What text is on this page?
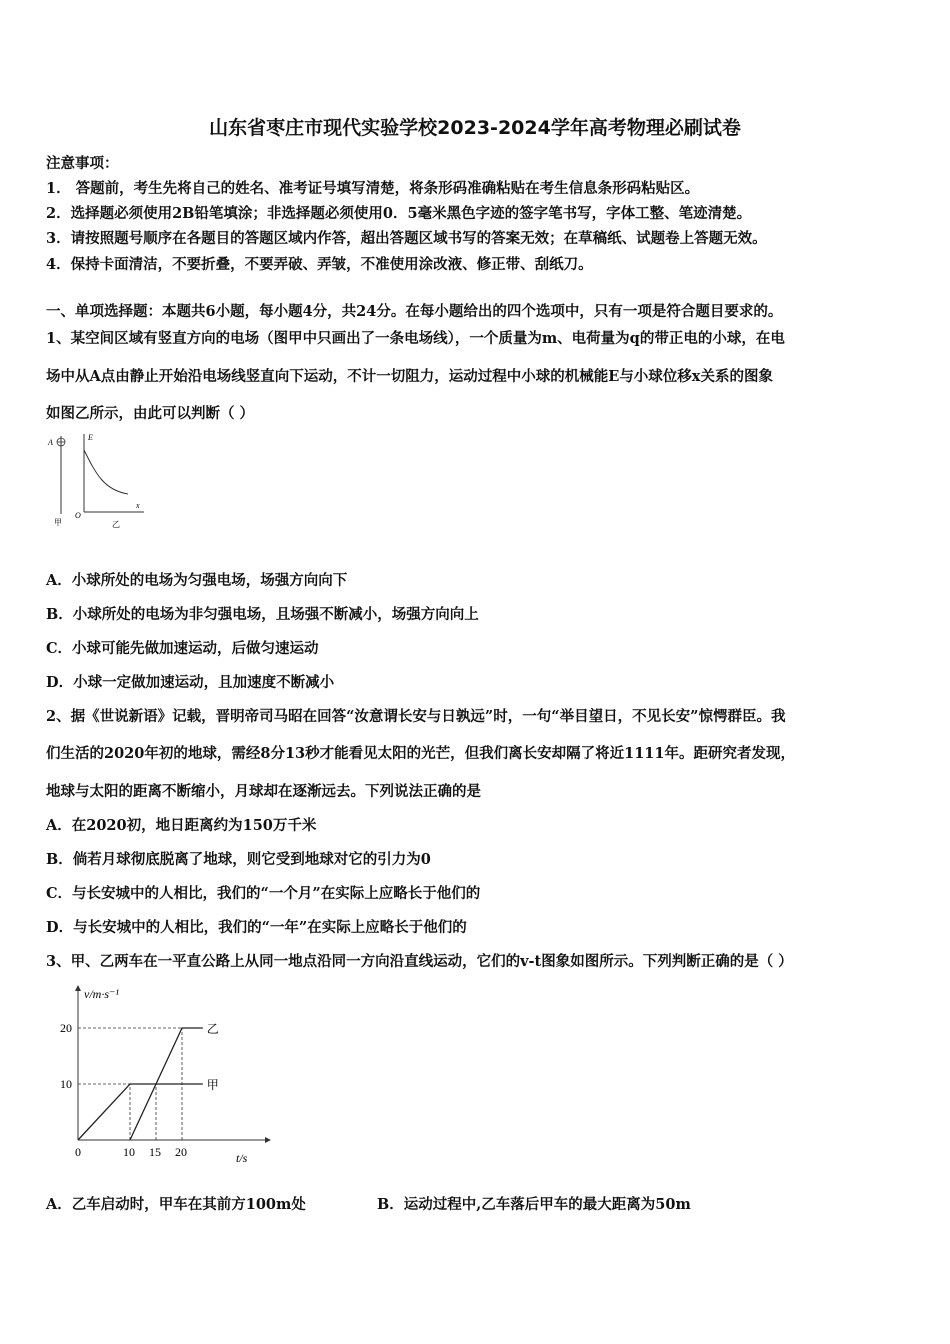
山东省枣庄市现代实验学校2023-2024学年高考物理必刷试卷
注意事项：
1． 答题前，考生先将自己的姓名、准考证号填写清楚，将条形码准确粘贴在考生信息条形码粘贴区。
2．选择题必须使用2B铅笔填涂；非选择题必须使用0．5毫米黑色字迹的签字笔书写，字体工整、笔迹清楚。
3．请按照题号顺序在各题目的答题区域内作答，超出答题区域书写的答案无效；在草稿纸、试题卷上答题无效。
4．保持卡面清洁，不要折叠，不要弄破、弄皱，不准使用涂改液、修正带、刮纸刀。
一、单项选择题：本题共6小题，每小题4分，共24分。在每小题给出的四个选项中，只有一项是符合题目要求的。
1、某空间区域有竖直方向的电场（图甲中只画出了一条电场线），一个质量为m、电荷量为q的带正电的小球，在电
场中从A点由静止开始沿电场线竖直向下运动，不计一切阻力，运动过程中小球的机械能E与小球位移x关系的图象
如图乙所示，由此可以判断（ ）
A
甲
E
O
x
乙
A．小球所处的电场为匀强电场，场强方向向下
B．小球所处的电场为非匀强电场，且场强不断减小，场强方向向上
C．小球可能先做加速运动，后做匀速运动
D．小球一定做加速运动，且加速度不断减小
2、据《世说新语》记载，晋明帝司马昭在回答“汝意谓长安与日孰远”时，一句“举目望日，不见长安”惊愕群臣。我
们生活的2020年初的地球，需经8分13秒才能看见太阳的光芒，但我们离长安却隔了将近1111年。距研究者发现，
地球与太阳的距离不断缩小，月球却在逐渐远去。下列说法正确的是
A．在2020初，地日距离约为150万千米
B．倘若月球彻底脱离了地球，则它受到地球对它的引力为0
C．与长安城中的人相比，我们的“一个月”在实际上应略长于他们的
D．与长安城中的人相比，我们的“一年”在实际上应略长于他们的
3、甲、乙两车在一平直公路上从同一地点沿同一方向沿直线运动，它们的v-t图象如图所示。下列判断正确的是（ ）
v/m·s⁻¹
t/s
10
20
0	10 15 20
甲
乙
A．乙车启动时，甲车在其前方100m处	B．运动过程中,乙车落后甲车的最大距离为50m
